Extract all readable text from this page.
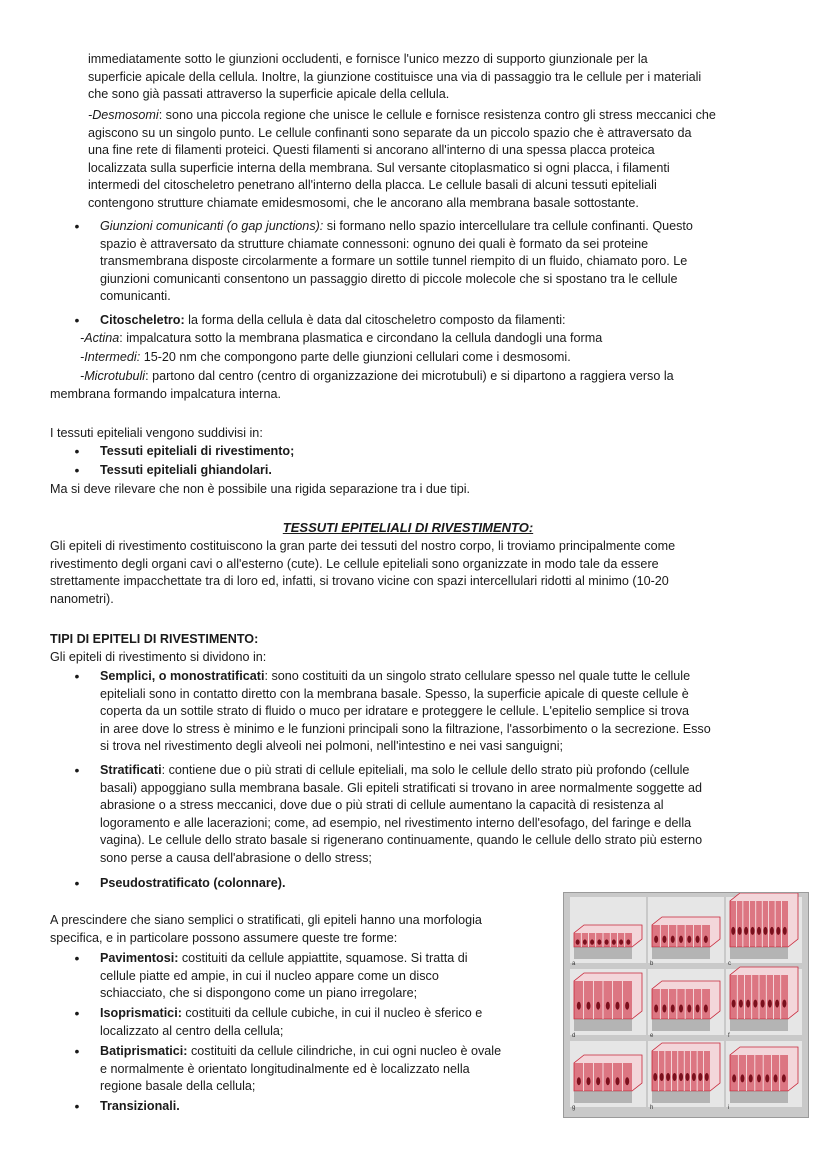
immediatamente sotto le giunzioni occludenti, e fornisce l'unico mezzo di supporto giunzionale per la

superficie apicale della cellula. Inoltre, la giunzione costituisce una via di passaggio tra le cellule per i materiali

che sono già passati attraverso la superficie apicale della cellula.

-Desmosomi: sono una piccola regione che unisce le cellule e fornisce resistenza contro gli stress meccanici che

agiscono su un singolo punto. Le cellule confinanti sono separate da un piccolo spazio che è attraversato da

una fine rete di filamenti proteici. Questi filamenti si ancorano all'interno di una spessa placca proteica

localizzata sulla superficie interna della membrana. Sul versante citoplasmatico si ogni placca, i filamenti

intermedi del citoscheletro penetrano all'interno della placca. Le cellule basali di alcuni tessuti epiteliali

contengono strutture chiamate emidesmosomi, che le ancorano alla membrana basale sottostante.

• Giunzioni comunicanti (o gap junctions): si formano nello spazio intercellulare tra cellule confinanti. Questo

spazio è attraversato da strutture chiamate connessoni: ognuno dei quali è formato da sei proteine

transmembrana disposte circolarmente a formare un sottile tunnel riempito di un fluido, chiamato poro. Le

giunzioni comunicanti consentono un passaggio diretto di piccole molecole che si spostano tra le cellule

comunicanti.

• Citoscheletro: la forma della cellula è data dal citoscheletro composto da filamenti:

-Actina: impalcatura sotto la membrana plasmatica e circondano la cellula dandogli una forma

-Intermedi: 15-20 nm che compongono parte delle giunzioni cellulari come i desmosomi.

-Microtubuli: partono dal centro (centro di organizzazione dei microtubuli) e si dipartono a raggiera verso la

membrana formando impalcatura interna.

I tessuti epiteliali vengono suddivisi in:

•	Tessuti epiteliali di rivestimento;

•	Tessuti epiteliali ghiandolari.

Ma si deve rilevare che non è possibile una rigida separazione tra i due tipi.

TESSUTI EPITELIALI DI RIVESTIMENTO:

Gli epiteli di rivestimento costituiscono la gran parte dei tessuti del nostro corpo, li troviamo principalmente come

rivestimento degli organi cavi o all'esterno (cute). Le cellule epiteliali sono organizzate in modo tale da essere

strettamente impacchettate tra di loro ed, infatti, si trovano vicine con spazi intercellulari ridotti al minimo (10-20

nanometri).

TIPI DI EPITELI DI RIVESTIMENTO:
Gli epiteli di rivestimento si dividono in:
• Semplici, o monostratificati: sono costituiti da un singolo strato cellulare spesso nel quale tutte le cellule

epiteliali sono in contatto diretto con la membrana basale. Spesso, la superficie apicale di queste cellule è

coperta da un sottile strato di fluido o muco per idratare e proteggere le cellule. L'epitelio semplice si trova

in aree dove lo stress è minimo e le funzioni principali sono la filtrazione, l'assorbimento o la secrezione. Esso

si trova nel rivestimento degli alveoli nei polmoni, nell'intestino e nei vasi sanguigni;

• Stratificati: contiene due o più strati di cellule epiteliali, ma solo le cellule dello strato più profondo (cellule

basali) appoggiano sulla membrana basale. Gli epiteli stratificati si trovano in aree normalmente soggette ad

abrasione o a stress meccanici, dove due o più strati di cellule aumentano la capacità di resistenza al

logoramento e alle lacerazioni; come, ad esempio, nel rivestimento interno dell'esofago, del faringe e della

vagina). Le cellule dello strato basale si rigenerano continuamente, quando le cellule dello strato più esterno

sono perse a causa dell'abrasione o dello stress;

•	Pseudostratificato (colonnare).

A prescindere che siano semplici o stratificati, gli epiteli hanno una morfologia

specifica, e in particolare possono assumere queste tre forme:

• Pavimentosi: costituiti da cellule appiattite, squamose. Si tratta di

cellule piatte ed ampie, in cui il nucleo appare come un disco

schiacciato, che si dispongono come un piano irregolare;

• Isoprismatici: costituiti da cellule cubiche, in cui il nucleo è sferico e

localizzato al centro della cellula;

• Batiprismatici: costituiti da cellule cilindriche, in cui ogni nucleo è ovale

e normalmente è orientato longitudinalmente ed è localizzato nella

regione basale della cellula;

•	Transizionali.

a	b	c
d	e	f
g	h	i
